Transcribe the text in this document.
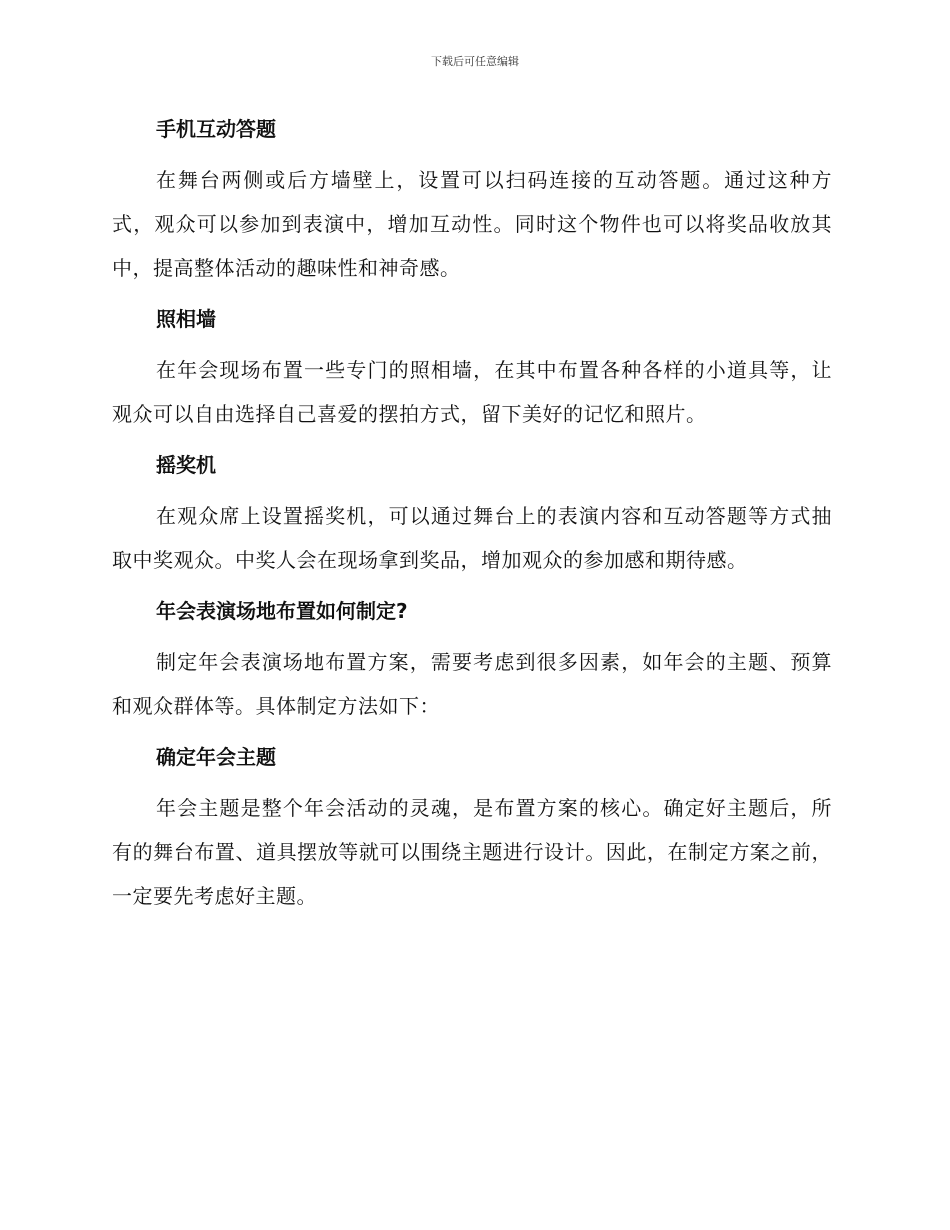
下载后可任意编辑
手机互动答题
在舞台两侧或后方墙壁上，设置可以扫码连接的互动答题。通过这种方式，观众可以参加到表演中，增加互动性。同时这个物件也可以将奖品收放其中，提高整体活动的趣味性和神奇感。
照相墙
在年会现场布置一些专门的照相墙，在其中布置各种各样的小道具等，让观众可以自由选择自己喜爱的摆拍方式，留下美好的记忆和照片。
摇奖机
在观众席上设置摇奖机，可以通过舞台上的表演内容和互动答题等方式抽取中奖观众。中奖人会在现场拿到奖品，增加观众的参加感和期待感。
年会表演场地布置如何制定?
制定年会表演场地布置方案，需要考虑到很多因素，如年会的主题、预算和观众群体等。具体制定方法如下：
确定年会主题
年会主题是整个年会活动的灵魂，是布置方案的核心。确定好主题后，所有的舞台布置、道具摆放等就可以围绕主题进行设计。因此，在制定方案之前，一定要先考虑好主题。
